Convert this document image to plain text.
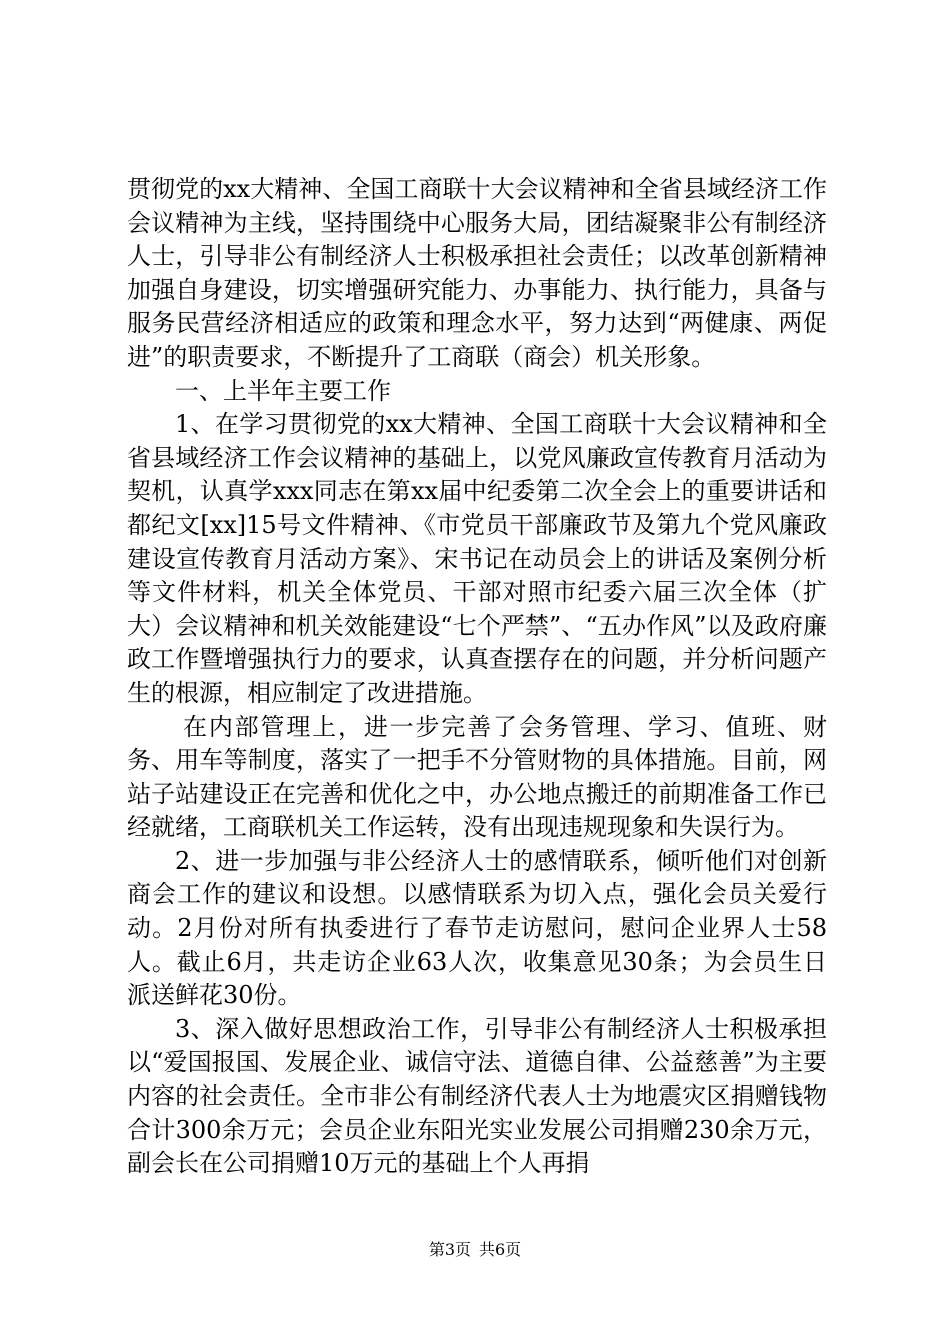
贯彻党的xx大精神、全国工商联十大会议精神和全省县域经济工作会议精神为主线，坚持围绕中心服务大局，团结凝聚非公有制经济人士，引导非公有制经济人士积极承担社会责任；以改革创新精神加强自身建设，切实增强研究能力、办事能力、执行能力，具备与服务民营经济相适应的政策和理念水平，努力达到“两健康、两促进”的职责要求，不断提升了工商联（商会）机关形象。

一、上半年主要工作

1、在学习贯彻党的xx大精神、全国工商联十大会议精神和全省县域经济工作会议精神的基础上，以党风廉政宣传教育月活动为契机，认真学xxx同志在第xx届中纪委第二次全会上的重要讲话和都纪文[xx]15号文件精神、《市党员干部廉政节及第九个党风廉政建设宣传教育月活动方案》、宋书记在动员会上的讲话及案例分析等文件材料，机关全体党员、干部对照市纪委六届三次全体（扩大）会议精神和机关效能建设“七个严禁”、“五办作风”以及政府廉政工作暨增强执行力的要求，认真查摆存在的问题，并分析问题产生的根源，相应制定了改进措施。

在内部管理上，进一步完善了会务管理、学习、值班、财务、用车等制度，落实了一把手不分管财物的具体措施。目前，网站子站建设正在完善和优化之中，办公地点搬迁的前期准备工作已经就绪，工商联机关工作运转，没有出现违规现象和失误行为。

2、进一步加强与非公经济人士的感情联系，倾听他们对创新商会工作的建议和设想。以感情联系为切入点，强化会员关爱行动。2月份对所有执委进行了春节走访慰问，慰问企业界人士58人。截止6月，共走访企业63人次，收集意见30条；为会员生日派送鲜花30份。

3、深入做好思想政治工作，引导非公有制经济人士积极承担以“爱国报国、发展企业、诚信守法、道德自律、公益慈善”为主要内容的社会责任。全市非公有制经济代表人士为地震灾区捐赠钱物合计300余万元；会员企业东阳光实业发展公司捐赠230余万元，副会长在公司捐赠10万元的基础上个人再捐

第3页 共6页
